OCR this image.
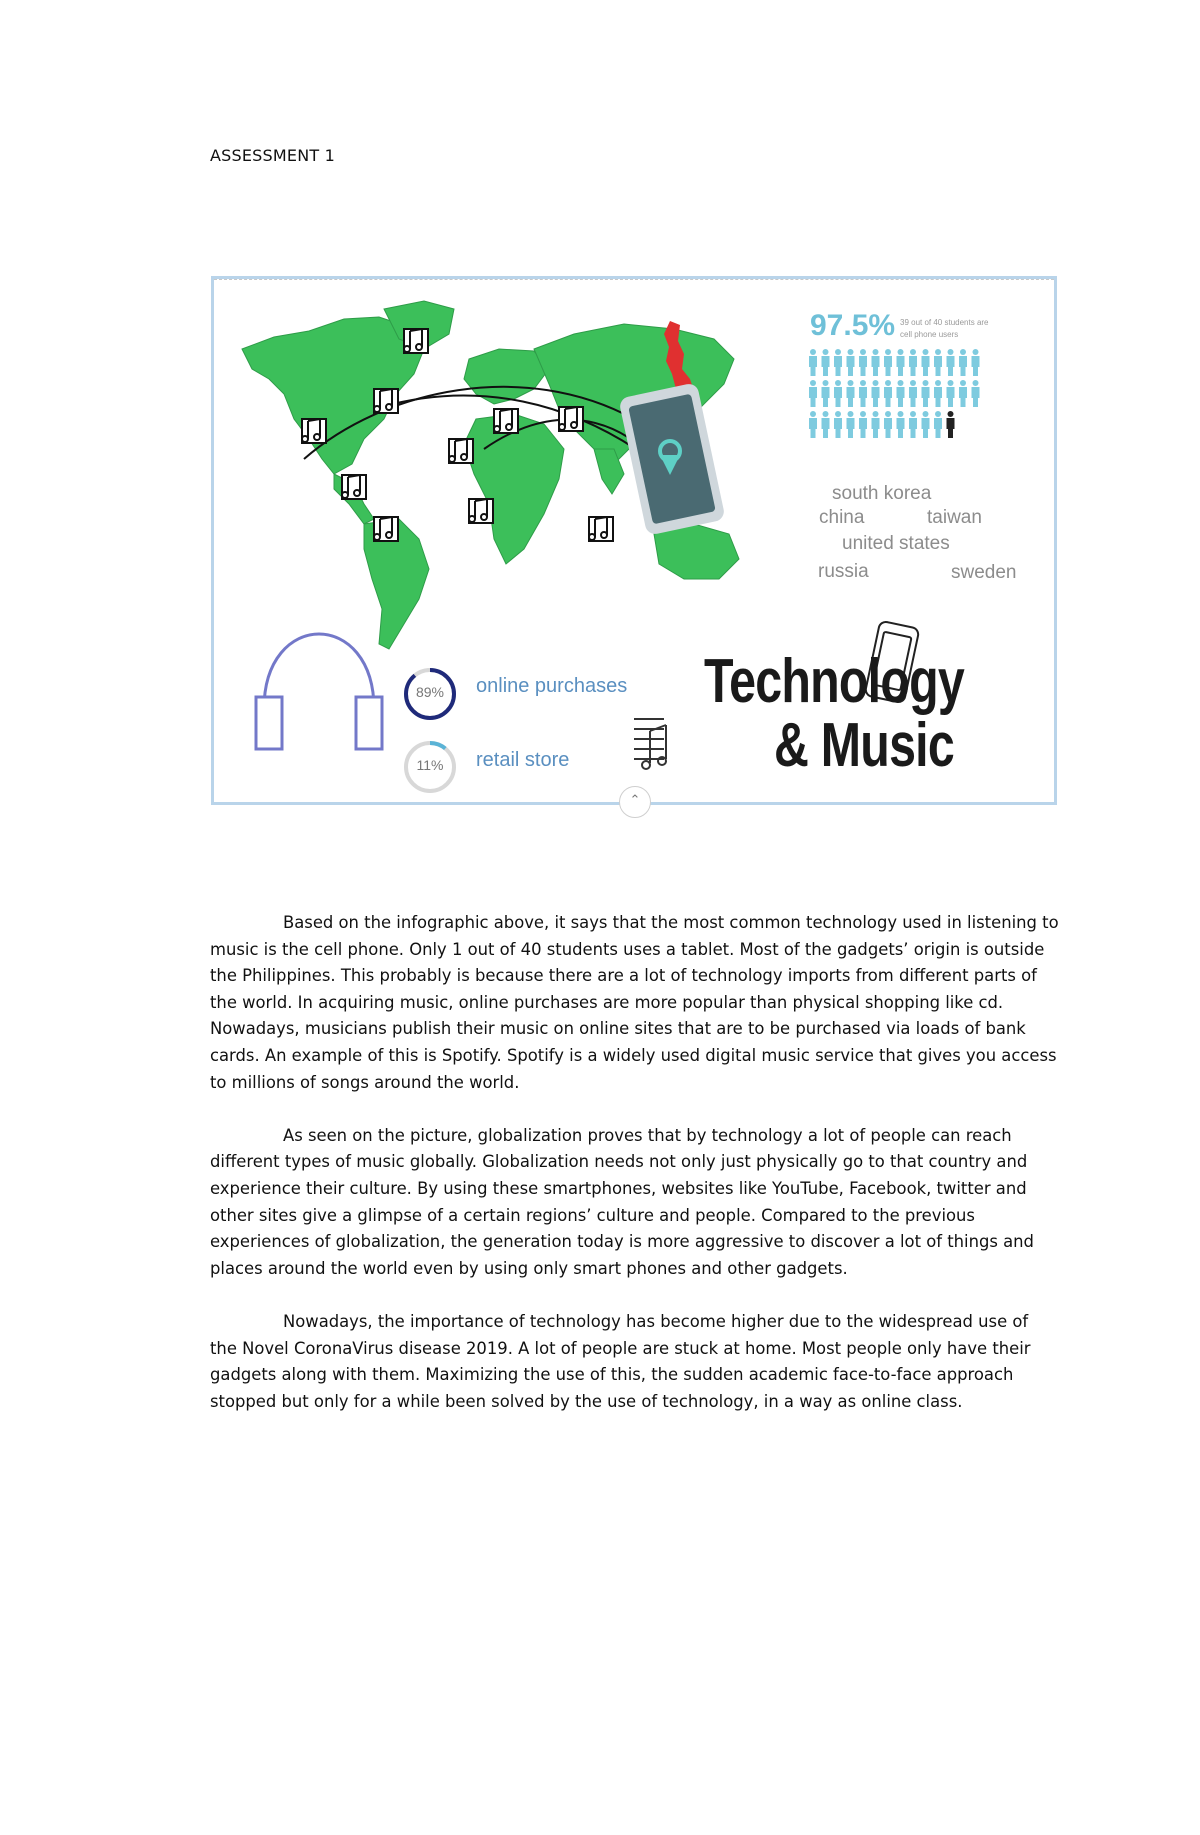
ASSESSMENT 1
97.5% 39 out of 40 students are cell phone users
south korea
china	taiwan
united states
russia	sweden
89%
11%
online purchases
retail store
Technology
& Music
⌃

Based on the infographic above, it says that the most common technology used in listening to music is the cell phone. Only 1 out of 40 students uses a tablet. Most of the gadgets’ origin is outside the Philippines. This probably is because there are a lot of technology imports from different parts of the world. In acquiring music, online purchases are more popular than physical shopping like cd. Nowadays, musicians publish their music on online sites that are to be purchased via loads of bank cards. An example of this is Spotify. Spotify is a widely used digital music service that gives you access to millions of songs around the world.

As seen on the picture, globalization proves that by technology a lot of people can reach different types of music globally. Globalization needs not only just physically go to that country and experience their culture. By using these smartphones, websites like YouTube, Facebook, twitter and other sites give a glimpse of a certain regions’ culture and people. Compared to the previous experiences of globalization, the generation today is more aggressive to discover a lot of things and places around the world even by using only smart phones and other gadgets.

Nowadays, the importance of technology has become higher due to the widespread use of the Novel CoronaVirus disease 2019. A lot of people are stuck at home. Most people only have their gadgets along with them. Maximizing the use of this, the sudden academic face-to-face approach stopped but only for a while been solved by the use of technology, in a way as online class.
